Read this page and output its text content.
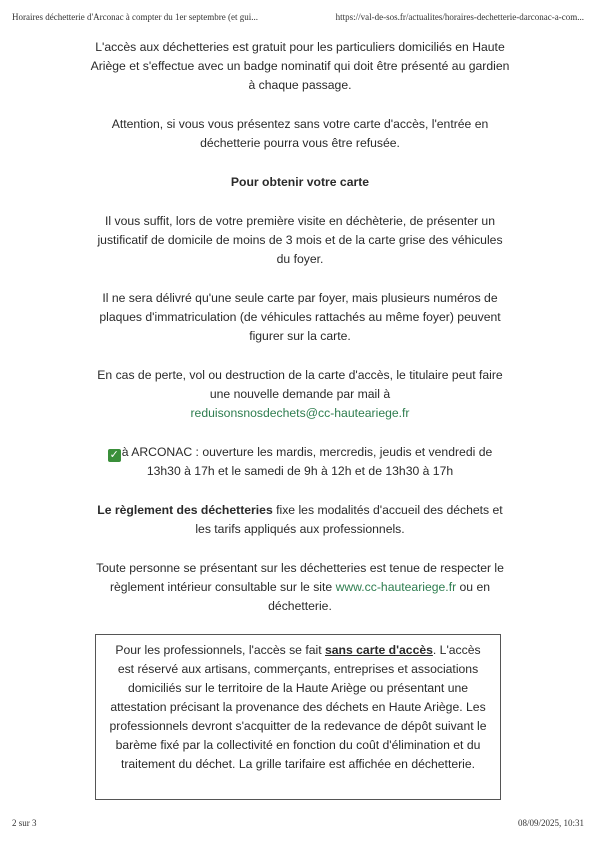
Horaires déchetterie d'Arconac à compter du 1er septembre (et gui...	https://val-de-sos.fr/actualites/horaires-dechetterie-darconac-a-com...

L'accès aux déchetteries est gratuit pour les particuliers domiciliés en Haute Ariège et s'effectue avec un badge nominatif qui doit être présenté au gardien à chaque passage.

Attention, si vous vous présentez sans votre carte d'accès, l'entrée en déchetterie pourra vous être refusée.

Pour obtenir votre carte

Il vous suffit, lors de votre première visite en déchèterie, de présenter un justificatif de domicile de moins de 3 mois et de la carte grise des véhicules du foyer.

Il ne sera délivré qu'une seule carte par foyer, mais plusieurs numéros de plaques d'immatriculation (de véhicules rattachés au même foyer) peuvent figurer sur la carte.

En cas de perte, vol ou destruction de la carte d'accès, le titulaire peut faire une nouvelle demande par mail à
reduisonsnosdechets@cc-hauteariege.fr

✓ à ARCONAC : ouverture les mardis, mercredis, jeudis et vendredi de 13h30 à 17h et le samedi de 9h à 12h et de 13h30 à 17h

Le règlement des déchetteries fixe les modalités d'accueil des déchets et les tarifs appliqués aux professionnels.

Toute personne se présentant sur les déchetteries est tenue de respecter le règlement intérieur consultable sur le site www.cc-hauteariege.fr ou en déchetterie.

Pour les professionnels, l'accès se fait sans carte d'accès. L'accès est réservé aux artisans, commerçants, entreprises et associations domiciliés sur le territoire de la Haute Ariège ou présentant une attestation précisant la provenance des déchets en Haute Ariège. Les professionnels devront s'acquitter de la redevance de dépôt suivant le barème fixé par la collectivité en fonction du coût d'élimination et du traitement du déchet. La grille tarifaire est affichée en déchetterie.
2 sur 3	08/09/2025, 10:31
